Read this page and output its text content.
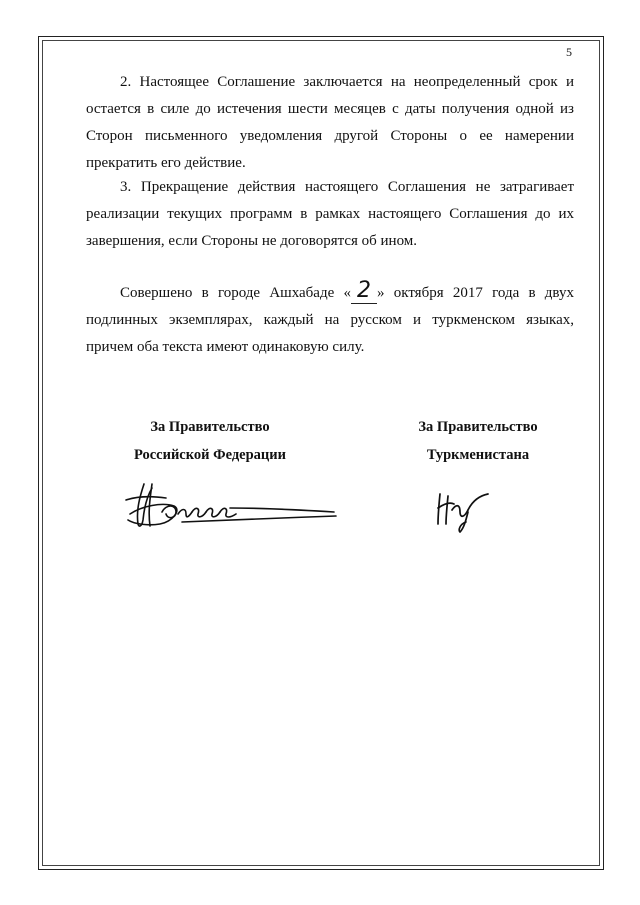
5
2. Настоящее Соглашение заключается на неопределенный срок и
остается в силе до истечения шести месяцев с даты получения одной из
Сторон письменного уведомления другой Стороны о ее намерении
прекратить его действие.
3. Прекращение действия настоящего Соглашения не затрагивает
реализации текущих программ в рамках настоящего Соглашения до их
завершения, если Стороны не договорятся об ином.
Совершено в городе Ашхабаде « 2 » октября 2017 года в двух
подлинных экземплярах, каждый на русском и туркменском языках,
причем оба текста имеют одинаковую силу.
За Правительство
Российской Федерации
За Правительство
Туркменистана
